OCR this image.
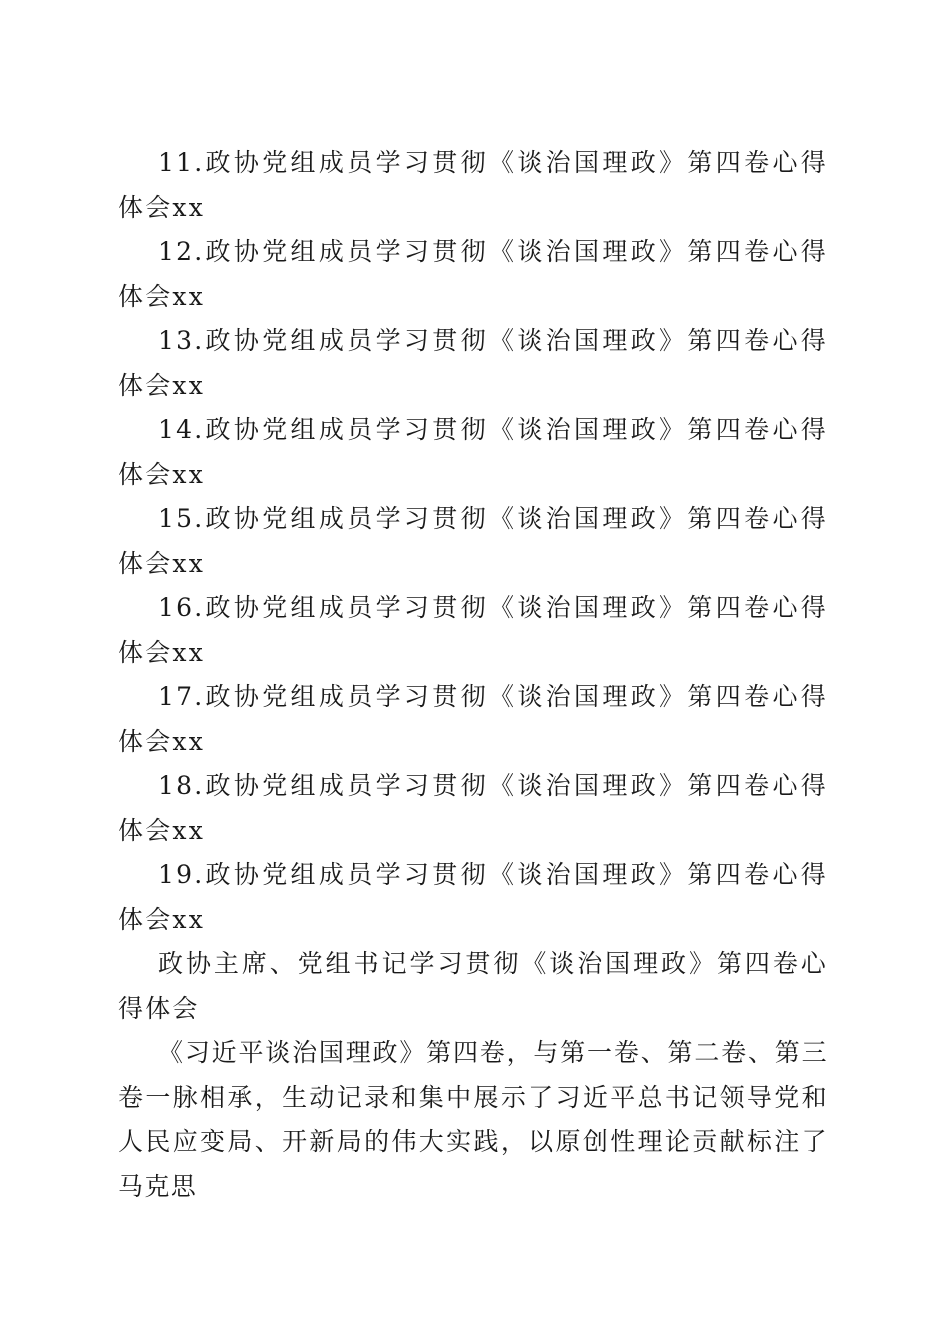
11.政协党组成员学习贯彻《谈治国理政》第四卷心得体会xx

12.政协党组成员学习贯彻《谈治国理政》第四卷心得体会xx

13.政协党组成员学习贯彻《谈治国理政》第四卷心得体会xx

14.政协党组成员学习贯彻《谈治国理政》第四卷心得体会xx

15.政协党组成员学习贯彻《谈治国理政》第四卷心得体会xx

16.政协党组成员学习贯彻《谈治国理政》第四卷心得体会xx

17.政协党组成员学习贯彻《谈治国理政》第四卷心得体会xx

18.政协党组成员学习贯彻《谈治国理政》第四卷心得体会xx

19.政协党组成员学习贯彻《谈治国理政》第四卷心得体会xx

政协主席、党组书记学习贯彻《谈治国理政》第四卷心得体会

《习近平谈治国理政》第四卷，与第一卷、第二卷、第三卷一脉相承，生动记录和集中展示了习近平总书记领导党和人民应变局、开新局的伟大实践，以原创性理论贡献标注了马克思
